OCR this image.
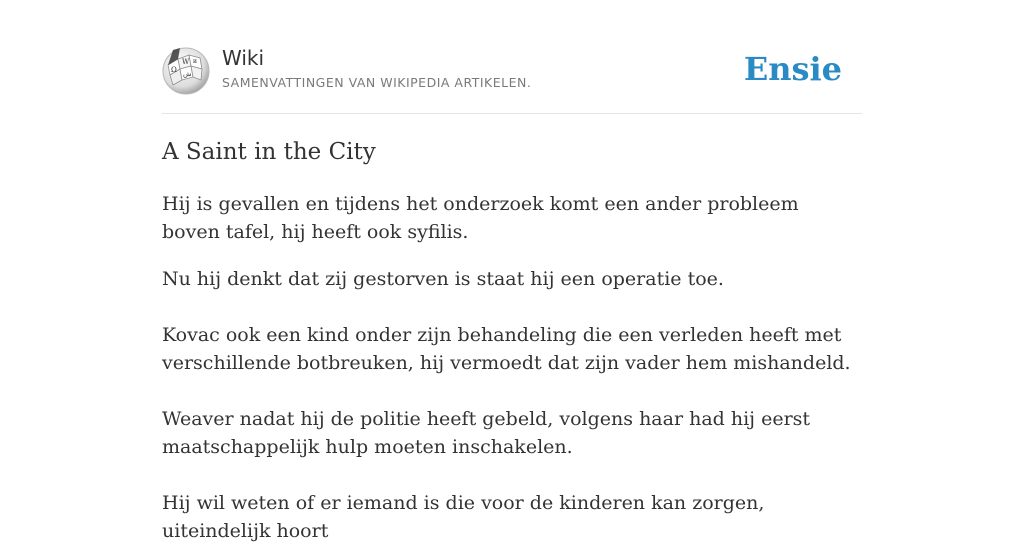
Ω
W и
ش
Wiki
SAMENVATTINGEN VAN WIKIPEDIA ARTIKELEN.	Ensie
A Saint in the City

Hij is gevallen en tijdens het onderzoek komt een ander probleem boven tafel, hij heeft ook syfilis.

Nu hij denkt dat zij gestorven is staat hij een operatie toe.

Kovac ook een kind onder zijn behandeling die een verleden heeft met verschillende botbreuken, hij vermoedt dat zijn vader hem mishandeld.

Weaver nadat hij de politie heeft gebeld, volgens haar had hij eerst maatschappelijk hulp moeten inschakelen.

Hij wil weten of er iemand is die voor de kinderen kan zorgen, uiteindelijk hoort
